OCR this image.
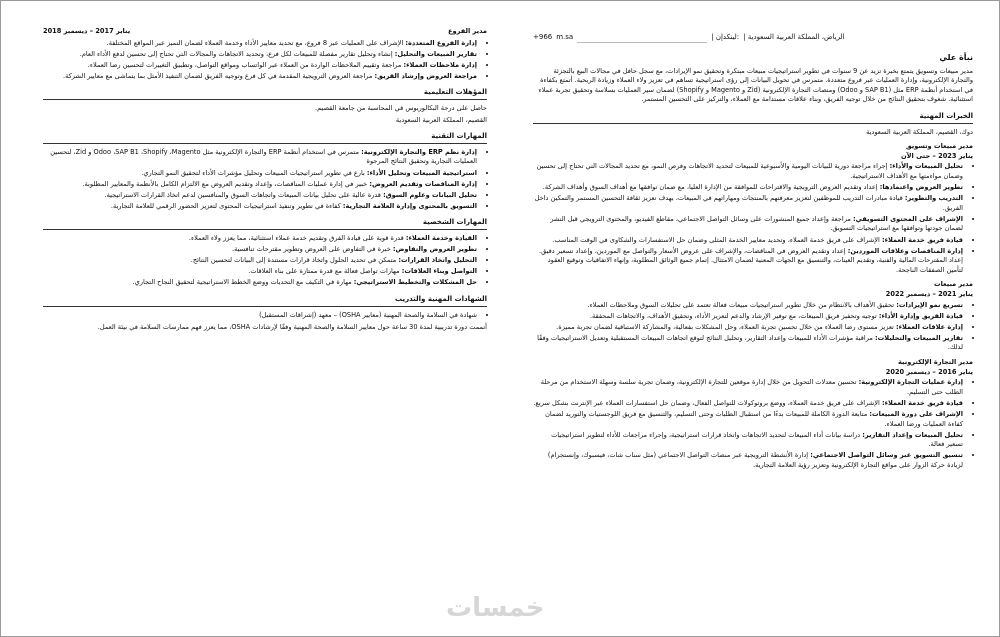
+966 m.sa	| لينكدإن: | الرياض، المملكة العربية السعودية
نبأة علي
مدير مبيعات وتسويق يتمتع بخبرة تزيد عن 9 سنوات في تطوير استراتيجيات مبيعات مبتكرة وتحقيق نمو الإيرادات، مع سجل حافل في مجالات البيع بالتجزئة والتجارة الإلكترونية، وإدارة العمليات عبر فروع متعددة. متمرس في تحويل البيانات إلى رؤى استراتيجية تساهم في تعزيز ولاء العملاء وزيادة الربحية. أتمتع بكفاءة في استخدام أنظمة ERP مثل (SAP B1 و Odoo) ومنصات التجارة الإلكترونية (Zid و Magento و Shopify) لضمان سير العمليات بسلاسة وتحقيق تجربة عملاء استثنائية. شغوف بتحقيق النتائج من خلال توجيه الفريق، وبناء علاقات مستدامة مع العملاء، والتركيز على التحسين المستمر.
الخبرات المهنية
دوك، القصيم، المملكة العربية السعودية
مدير مبيعات وتسويق
يناير 2023 – حتى الآن
• تحليل المبيعات والأداء: إجراء مراجعة دورية للبيانات اليومية والأسبوعية للمبيعات لتحديد الاتجاهات وفرص النمو، مع تحديد المجالات التي تحتاج إلى تحسين وضمان مواءمتها مع الأهداف الاستراتيجية.
• تطوير العروض واعتمادها: إعداد وتقديم العروض الترويجية والاقتراحات للموافقة من الإدارة العليا، مع ضمان توافقها مع أهداف السوق وأهداف الشركة.
• التدريب والتطوير: قيادة مبادرات التدريب للموظفين لتعزيز معرفتهم بالمنتجات ومهاراتهم في المبيعات، بهدف تعزيز ثقافة التحسين المستمر والتمكين داخل الفريق.
• الإشراف على المحتوى التسويقي: مراجعة وإعداد جميع المنشورات على وسائل التواصل الاجتماعي، مقاطع الفيديو، والمحتوى الترويجي قبل النشر لضمان جودتها وتوافقها مع استراتيجيات التسويق.
• قيادة فريق خدمة العملاء: الإشراف على فريق خدمة العملاء، وتحديد معايير الخدمة المثلى وضمان حل الاستفسارات والشكاوى في الوقت المناسب.
• إدارة المناقصات وعلاقات الموردين: إعداد وتقديم العروض في المناقصات، والإشراف على عروض الأسعار والتواصل مع الموردين، وإعداد تسعير دقيق. إعداد المقترحات المالية والفنية، وتقديم العينات، والتنسيق مع الجهات المعنية لضمان الامتثال. إتمام جميع الوثائق المطلوبة، وإنهاء الاتفاقيات وتوقيع العقود لتأمين الصفقات الناجحة.
مدير مبيعات
يناير 2021 – ديسمبر 2022
• تسريع نمو الإيرادات: تحقيق الأهداف بالانتظام من خلال تطوير استراتيجيات مبيعات فعالة تعتمد على تحليلات السوق وملاحظات العملاء.
• قيادة الفريق وإدارة الأداء: توجيه وتحفيز فريق المبيعات، مع توفير الإرشاد والدعم لتعزيز الأداء، وتحقيق الأهداف، والاتجاهات المحققة.
• إدارة علاقات العملاء: تعزيز مستوى رضا العملاء من خلال تحسين تجربة العملاء، وحل المشكلات بفعالية، والمشاركة الاستباقية لضمان تجربة مميزة.
• تقارير المبيعات والتحليلات: مراقبة مؤشرات الأداء للمبيعات وإعداد التقارير، وتحليل النتائج لتوقع اتجاهات المبيعات المستقبلية وتعديل الاستراتيجيات وفقًا لذلك.
مدير التجارة الإلكترونية
يناير 2016 – ديسمبر 2020
• إدارة عمليات التجارة الإلكترونية: تحسين معدلات التحويل من خلال إدارة موقعين للتجارة الإلكترونية، وضمان تجربة سلسة وسهلة الاستخدام من مرحلة الطلب حتى التسليم.
• قيادة فريق خدمة العملاء: الإشراف على فريق خدمة العملاء، ووضع بروتوكولات للتواصل الفعال، وضمان حل استفسارات العملاء عبر الإنترنت بشكل سريع.
• الإشراف على دورة المبيعات: متابعة الدورة الكاملة للمبيعات بدءًا من استقبال الطلبات وحتى التسليم، والتنسيق مع فريق اللوجستيات والتوريد لضمان كفاءة العمليات ورضا العملاء.
• تحليل المبيعات وإعداد التقارير: دراسة بيانات أداء المبيعات لتحديد الاتجاهات واتخاذ قرارات استراتيجية، وإجراء مراجعات للأداء لتطوير استراتيجيات تسعير فعالة.
• تنسيق التسويق عبر وسائل التواصل الاجتماعي: إدارة الأنشطة الترويجية عبر منصات التواصل الاجتماعي (مثل سناب شات، فيسبوك، وإنستجرام) لزيادة حركة الزوار على مواقع التجارة الإلكترونية وتعزيز رؤية العلامة التجارية.
مدير الفروع
يناير 2017 – ديسمبر 2018
• إدارة الفروع المتعددة: الإشراف على العمليات عبر 8 فروع، مع تحديد معايير الأداء وخدمة العملاء لضمان التميز عبر المواقع المختلفة.
• تقارير المبيعات والتحليل: إنشاء وتحليل تقارير مفصلة للمبيعات لكل فرع، وتحديد الاتجاهات والمجالات التي تحتاج إلى تحسين لدفع الأداء العام.
• إدارة ملاحظات العملاء: مراجعة وتقييم الملاحظات الواردة من العملاء عبر الواتساب ومواقع التواصل، وتطبيق التغييرات لتحسين رضا العملاء.
• مراجعة العروض وإرشاد الفريق: مراجعة العروض الترويجية المقدمة في كل فرع وتوجيه الفريق لضمان التنفيذ الأمثل بما يتماشى مع معايير الشركة.
المؤهلات التعليمية

حاصل على درجة البكالوريوس في المحاسبة من جامعة القصيم.

القصيم، المملكة العربية السعودية

المهارات التقنية
• إدارة نظم ERP والتجارة الإلكترونية: متمرس في استخدام أنظمة ERP والتجارة الإلكترونية مثل Odoo ،SAP B1 ،Shopify ،Magento و Zid، لتحسين العمليات التجارية وتحقيق النتائج المرجوة
• استراتيجية المبيعات وتحليل الأداء: بارع في تطوير استراتيجيات المبيعات وتحليل مؤشرات الأداء لتحقيق النمو التجاري.
• إدارة المناقصات وتقديم العروض: خبير في إدارة عمليات المناقصات، وإعداد وتقديم العروض مع الالتزام الكامل بالأنظمة والمعايير المطلوبة.
• تحليل البيانات وعلوم السوق: قدرة عالية على تحليل بيانات المبيعات واتجاهات السوق والمنافسين لدعم اتخاذ القرارات الاستراتيجية.
• التسويق بالمحتوى وإدارة العلامة التجارية: كفاءة في تطوير وتنفيذ استراتيجيات المحتوى لتعزيز الحضور الرقمي للعلامة التجارية.
المهارات الشخصية
• القيادة وخدمة العملاء: قدرة قوية على قيادة الفرق وتقديم خدمة عملاء استثنائية، مما يعزز ولاء العملاء.
• تطوير العروض والتفاوض: خبرة في التفاوض على العروض وتطوير مقترحات تنافسية.
• التحليل واتخاذ القرارات: متمكن في تحديد الحلول واتخاذ قرارات مستندة إلى البيانات لتحسين النتائج.
• التواصل وبناء العلاقات: مهارات تواصل فعالة مع قدرة ممتازة على بناء العلاقات.
• حل المشكلات والتخطيط الاستراتيجي: مهارة في التكيف مع التحديات ووضع الخطط الاستراتيجية لتحقيق النجاح التجاري.
الشهادات المهنية والتدريب
• شهادة في السلامة والصحة المهنية (معايير OSHA) – معهد (إشراقات المستقبل)
أتممت دورة تدريبية لمدة 30 ساعة حول معايير السلامة والصحة المهنية وفقًا لإرشادات OSHA، مما يعزز فهم ممارسات السلامة في بيئة العمل.
خمسات
